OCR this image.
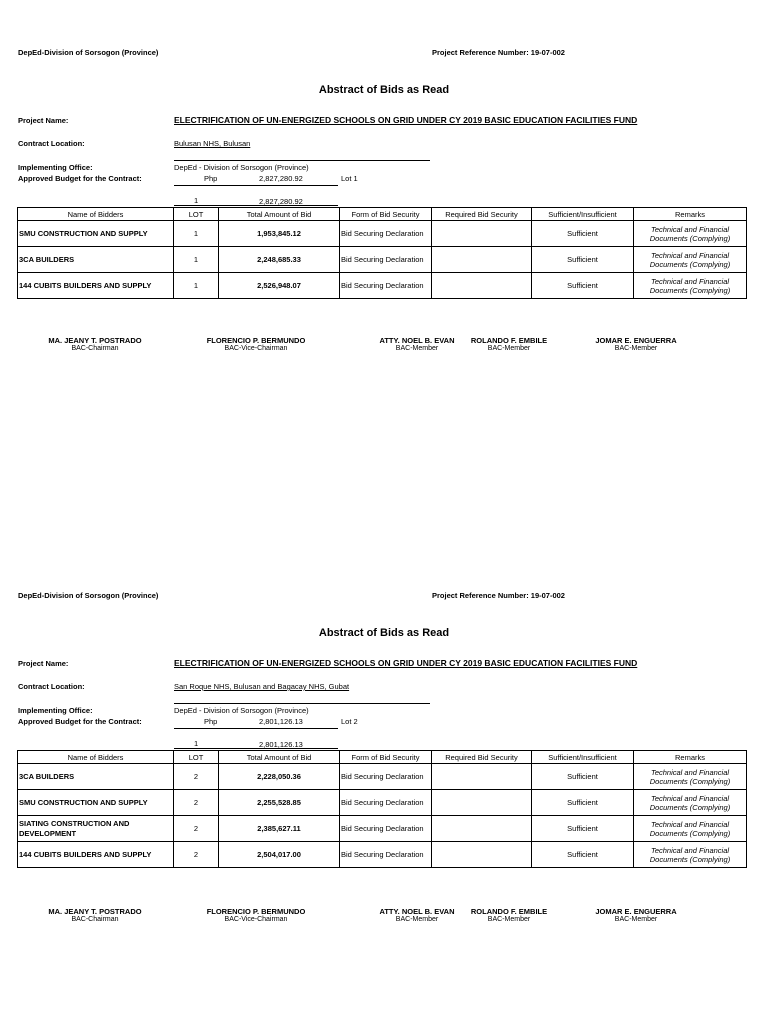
DepEd-Division of Sorsogon (Province)	Project Reference Number: 19-07-002
Abstract of Bids as Read
Project Name:	ELECTRIFICATION OF UN-ENERGIZED SCHOOLS ON GRID UNDER CY 2019 BASIC EDUCATION FACILITIES FUND
Contract Location:	Bulusan NHS, Bulusan
Implementing Office:	DepEd - Division of Sorsogon (Province)
Approved Budget for the Contract:	Php	2,827,280.92	Lot 1
1	2,827,280.92
Name of Bidders	LOT	Total Amount of Bid	Form of Bid Security	Required Bid Security	Sufficient/Insufficient	Remarks
SMU CONSTRUCTION AND SUPPLY	1	1,953,845.12	Bid Securing Declaration		Sufficient	Technical and Financial Documents (Complying)
3CA BUILDERS	1	2,248,685.33	Bid Securing Declaration		Sufficient	Technical and Financial Documents (Complying)
144 CUBITS BUILDERS AND SUPPLY	1	2,526,948.07	Bid Securing Declaration		Sufficient	Technical and Financial Documents (Complying)
MA. JEANY T. POSTRADO
BAC-Chairman
FLORENCIO P. BERMUNDO
BAC-Vice-Chairman
ATTY. NOEL B. EVAN
BAC-Member
ROLANDO F. EMBILE
BAC-Member
JOMAR E. ENGUERRA
BAC-Member
DepEd-Division of Sorsogon (Province)	Project Reference Number: 19-07-002
Abstract of Bids as Read
Project Name:	ELECTRIFICATION OF UN-ENERGIZED SCHOOLS ON GRID UNDER CY 2019 BASIC EDUCATION FACILITIES FUND
Contract Location:	San Roque NHS, Bulusan and Bagacay NHS, Gubat
Implementing Office:	DepEd - Division of Sorsogon (Province)
Approved Budget for the Contract:	Php	2,801,126.13	Lot 2
1	2,801,126.13
Name of Bidders	LOT	Total Amount of Bid	Form of Bid Security	Required Bid Security	Sufficient/Insufficient	Remarks
3CA BUILDERS	2	2,228,050.36	Bid Securing Declaration		Sufficient	Technical and Financial Documents (Complying)
SMU CONSTRUCTION AND SUPPLY	2	2,255,528.85	Bid Securing Declaration		Sufficient	Technical and Financial Documents (Complying)
SIATING CONSTRUCTION AND DEVELOPMENT	2	2,385,627.11	Bid Securing Declaration		Sufficient	Technical and Financial Documents (Complying)
144 CUBITS BUILDERS AND SUPPLY	2	2,504,017.00	Bid Securing Declaration		Sufficient	Technical and Financial Documents (Complying)
MA. JEANY T. POSTRADO
BAC-Chairman
FLORENCIO P. BERMUNDO
BAC-Vice-Chairman
ATTY. NOEL B. EVAN
BAC-Member
ROLANDO F. EMBILE
BAC-Member
JOMAR E. ENGUERRA
BAC-Member
